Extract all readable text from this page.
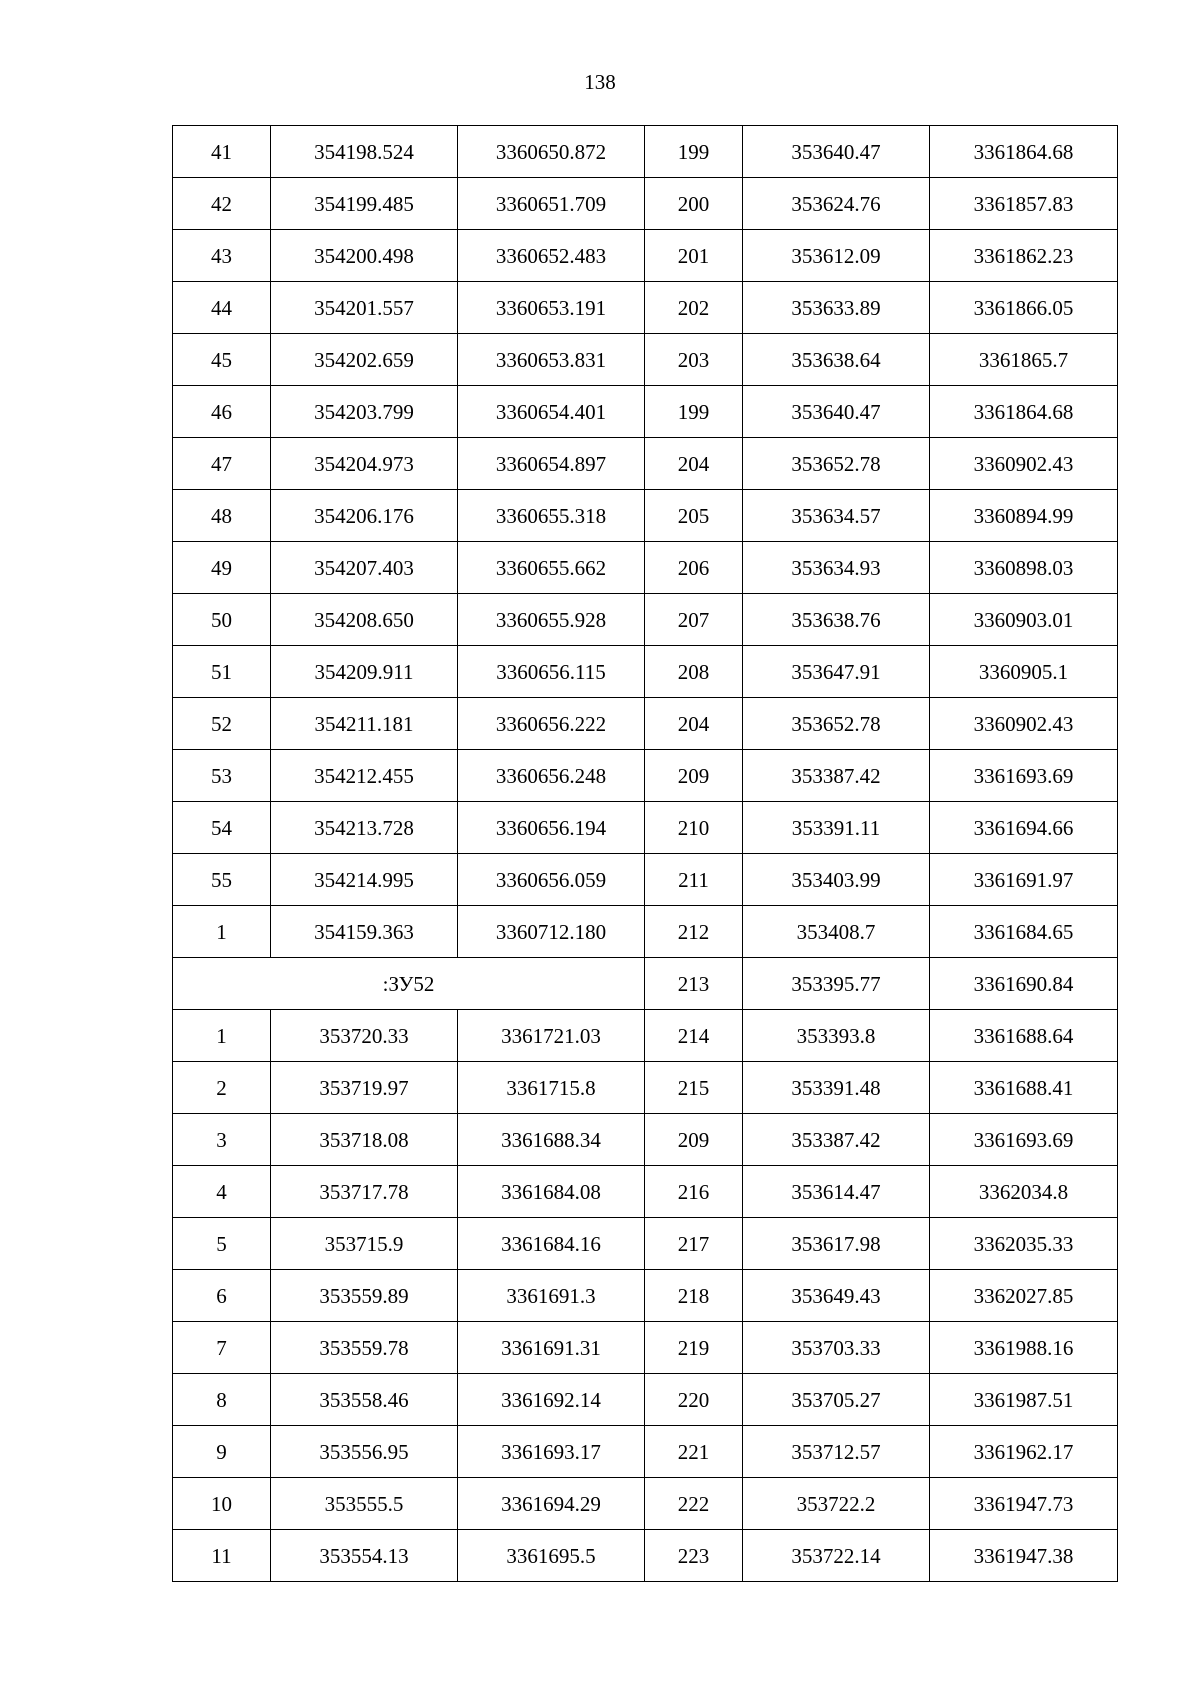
138
41	354198.524	3360650.872	199	353640.47	3361864.68
42	354199.485	3360651.709	200	353624.76	3361857.83
43	354200.498	3360652.483	201	353612.09	3361862.23
44	354201.557	3360653.191	202	353633.89	3361866.05
45	354202.659	3360653.831	203	353638.64	3361865.7
46	354203.799	3360654.401	199	353640.47	3361864.68
47	354204.973	3360654.897	204	353652.78	3360902.43
48	354206.176	3360655.318	205	353634.57	3360894.99
49	354207.403	3360655.662	206	353634.93	3360898.03
50	354208.650	3360655.928	207	353638.76	3360903.01
51	354209.911	3360656.115	208	353647.91	3360905.1
52	354211.181	3360656.222	204	353652.78	3360902.43
53	354212.455	3360656.248	209	353387.42	3361693.69
54	354213.728	3360656.194	210	353391.11	3361694.66
55	354214.995	3360656.059	211	353403.99	3361691.97
1	354159.363	3360712.180	212	353408.7	3361684.65
:ЗУ52			213	353395.77	3361690.84
1	353720.33	3361721.03	214	353393.8	3361688.64
2	353719.97	3361715.8	215	353391.48	3361688.41
3	353718.08	3361688.34	209	353387.42	3361693.69
4	353717.78	3361684.08	216	353614.47	3362034.8
5	353715.9	3361684.16	217	353617.98	3362035.33
6	353559.89	3361691.3	218	353649.43	3362027.85
7	353559.78	3361691.31	219	353703.33	3361988.16
8	353558.46	3361692.14	220	353705.27	3361987.51
9	353556.95	3361693.17	221	353712.57	3361962.17
10	353555.5	3361694.29	222	353722.2	3361947.73
11	353554.13	3361695.5	223	353722.14	3361947.38
